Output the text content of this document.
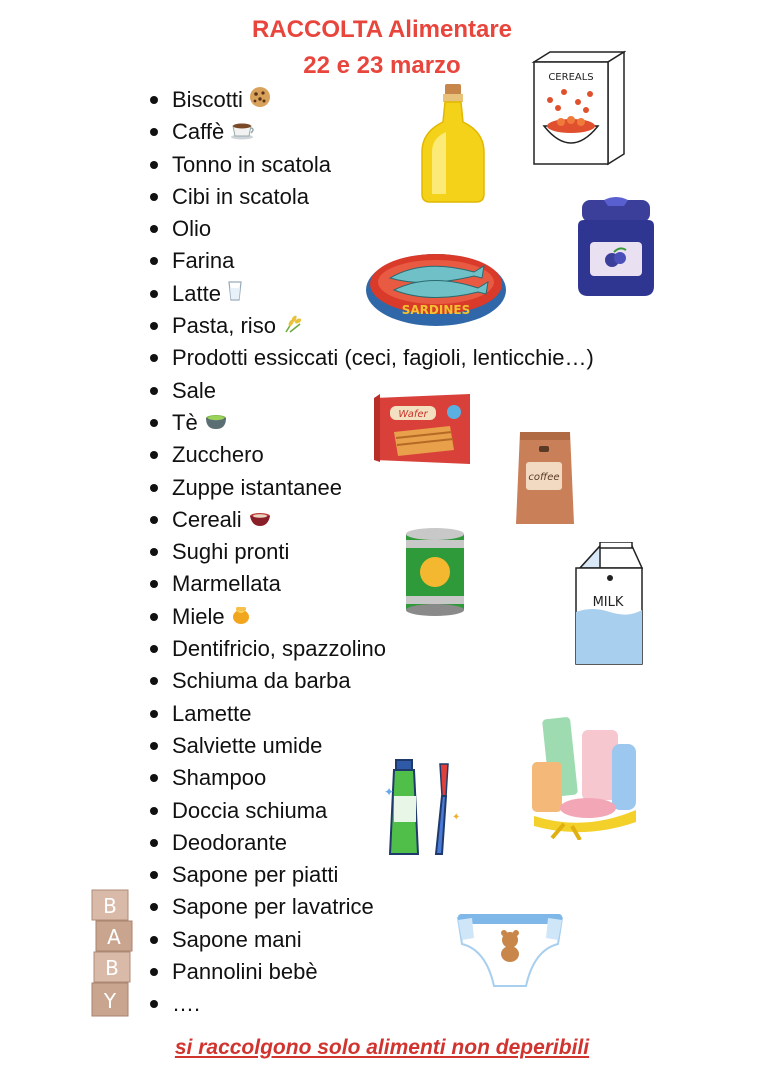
RACCOLTA Alimentare
22 e 23 marzo
Biscotti
Caffè
Tonno in scatola
Cibi in scatola
Olio
Farina
Latte
Pasta, riso
Prodotti essiccati (ceci, fagioli, lenticchie…)
Sale
Tè
Zucchero
Zuppe istantanee
Cereali
Sughi pronti
Marmellata
Miele
Dentifricio, spazzolino
Schiuma da barba
Lamette
Salviette umide
Shampoo
Doccia schiuma
Deodorante
Sapone per piatti
Sapone per lavatrice
Sapone mani
Pannolini bebè
….
CEREALS
SARDINES
Wafer
coffee
MILK
✦
✦
B
A
B
Y
si raccolgono solo alimenti non deperibili
